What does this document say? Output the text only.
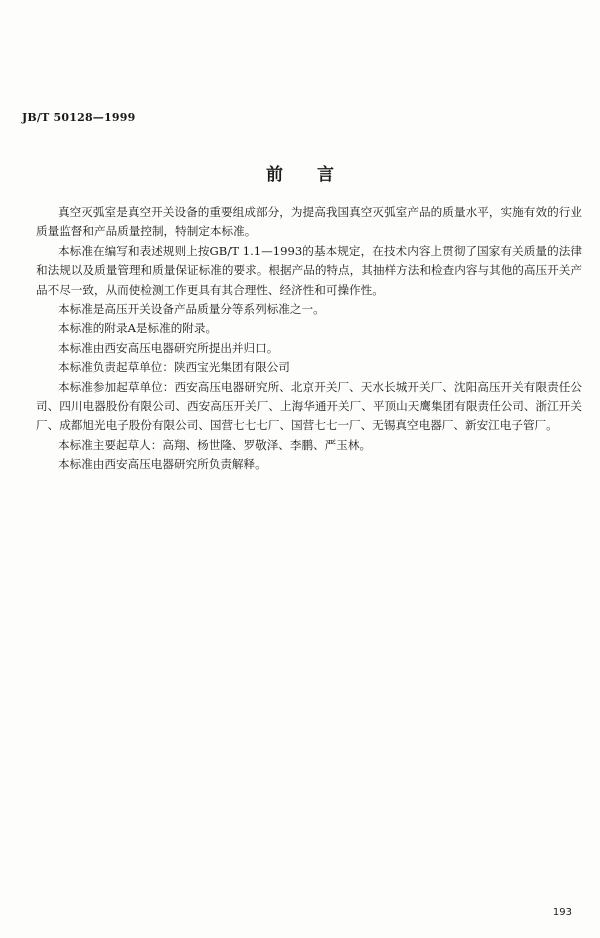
JB/T 50128—1999
前言

真空灭弧室是真空开关设备的重要组成部分，为提高我国真空灭弧室产品的质量水平，实施有效的行业质量监督和产品质量控制，特制定本标准。

本标准在编写和表述规则上按GB/T 1.1—1993的基本规定，在技术内容上贯彻了国家有关质量的法律和法规以及质量管理和质量保证标准的要求。根据产品的特点，其抽样方法和检查内容与其他的高压开关产品不尽一致，从而使检测工作更具有其合理性、经济性和可操作性。

本标准是高压开关设备产品质量分等系列标准之一。

本标准的附录A是标准的附录。

本标准由西安高压电器研究所提出并归口。

本标准负责起草单位：陕西宝光集团有限公司

本标准参加起草单位：西安高压电器研究所、北京开关厂、天水长城开关厂、沈阳高压开关有限责任公司、四川电器股份有限公司、西安高压开关厂、上海华通开关厂、平顶山天鹰集团有限责任公司、浙江开关厂、成都旭光电子股份有限公司、国营七七七厂、国营七七一厂、无锡真空电器厂、新安江电子管厂。

本标准主要起草人：高翔、杨世隆、罗敬泽、李鹏、严玉林。

本标准由西安高压电器研究所负责解释。

193
